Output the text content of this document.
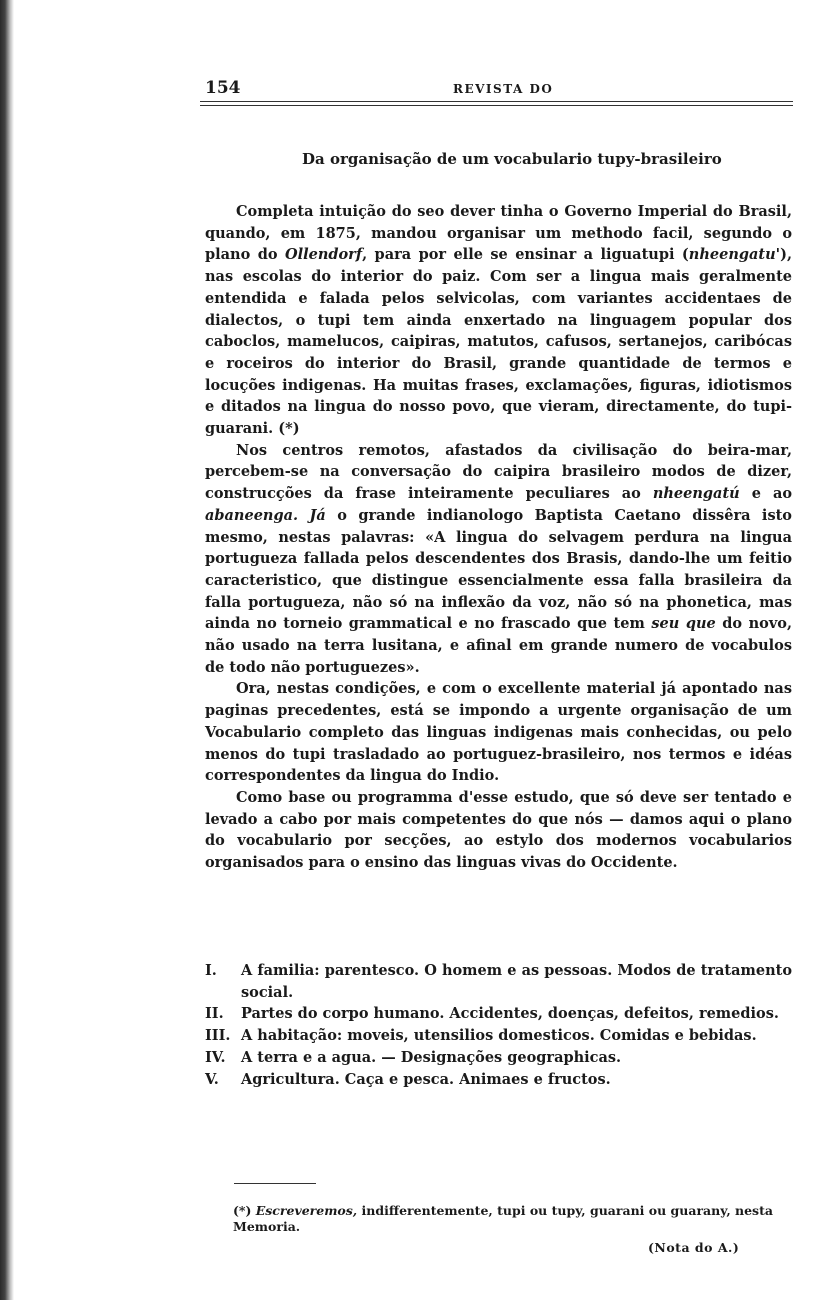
154	REVISTA DO
Da organisação de um vocabulario tupy-brasileiro

Completa intuição do seo dever tinha o Governo Imperial do Brasil, quando, em 1875, mandou organisar um methodo facil, segundo o plano do Ollendorf, para por elle se ensinar a liguatupi (nheengatu'), nas escolas do interior do paiz. Com ser a lingua mais geralmente entendida e falada pelos selvicolas, com variantes accidentaes de dialectos, o tupi tem ainda enxertado na linguagem popular dos caboclos, mamelucos, caipiras, matutos, cafusos, sertanejos, caribócas e roceiros do interior do Brasil, grande quantidade de termos e locuções indigenas. Ha muitas frases, exclamações, figuras, idiotismos e ditados na lingua do nosso povo, que vieram, directamente, do tupi-guarani. (*)

Nos centros remotos, afastados da civilisação do beira-mar, percebem-se na conversação do caipira brasileiro modos de dizer, construcções da frase inteiramente peculiares ao nheengatú e ao abaneenga. Já o grande indianologo Baptista Caetano dissêra isto mesmo, nestas palavras: «A lingua do selvagem perdura na lingua portugueza fallada pelos descendentes dos Brasis, dando-lhe um feitio caracteristico, que distingue essencialmente essa falla brasileira da falla portugueza, não só na inflexão da voz, não só na phonetica, mas ainda no torneio grammatical e no frascado que tem seu que do novo, não usado na terra lusitana, e afinal em grande numero de vocabulos de todo não portuguezes».

Ora, nestas condições, e com o excellente material já apontado nas paginas precedentes, está se impondo a urgente organisação de um Vocabulario completo das linguas indigenas mais conhecidas, ou pelo menos do tupi trasladado ao portuguez-brasileiro, nos termos e idéas correspondentes da lingua do Indio.

Como base ou programma d'esse estudo, que só deve ser tentado e levado a cabo por mais competentes do que nós — damos aqui o plano do vocabulario por secções, ao estylo dos modernos vocabularios organisados para o ensino das linguas vivas do Occidente.

I. A familia: parentesco. O homem e as pessoas. Modos de tratamento social.

II. Partes do corpo humano. Accidentes, doenças, defeitos, remedios.

III. A habitação: moveis, utensilios domesticos. Comidas e bebidas.

IV. A terra e a agua. — Designações geographicas.

V. Agricultura. Caça e pesca. Animaes e fructos.

(*) Escreveremos, indifferentemente, tupi ou tupy, guarani ou guarany, nesta Memoria.
(Nota do A.)
